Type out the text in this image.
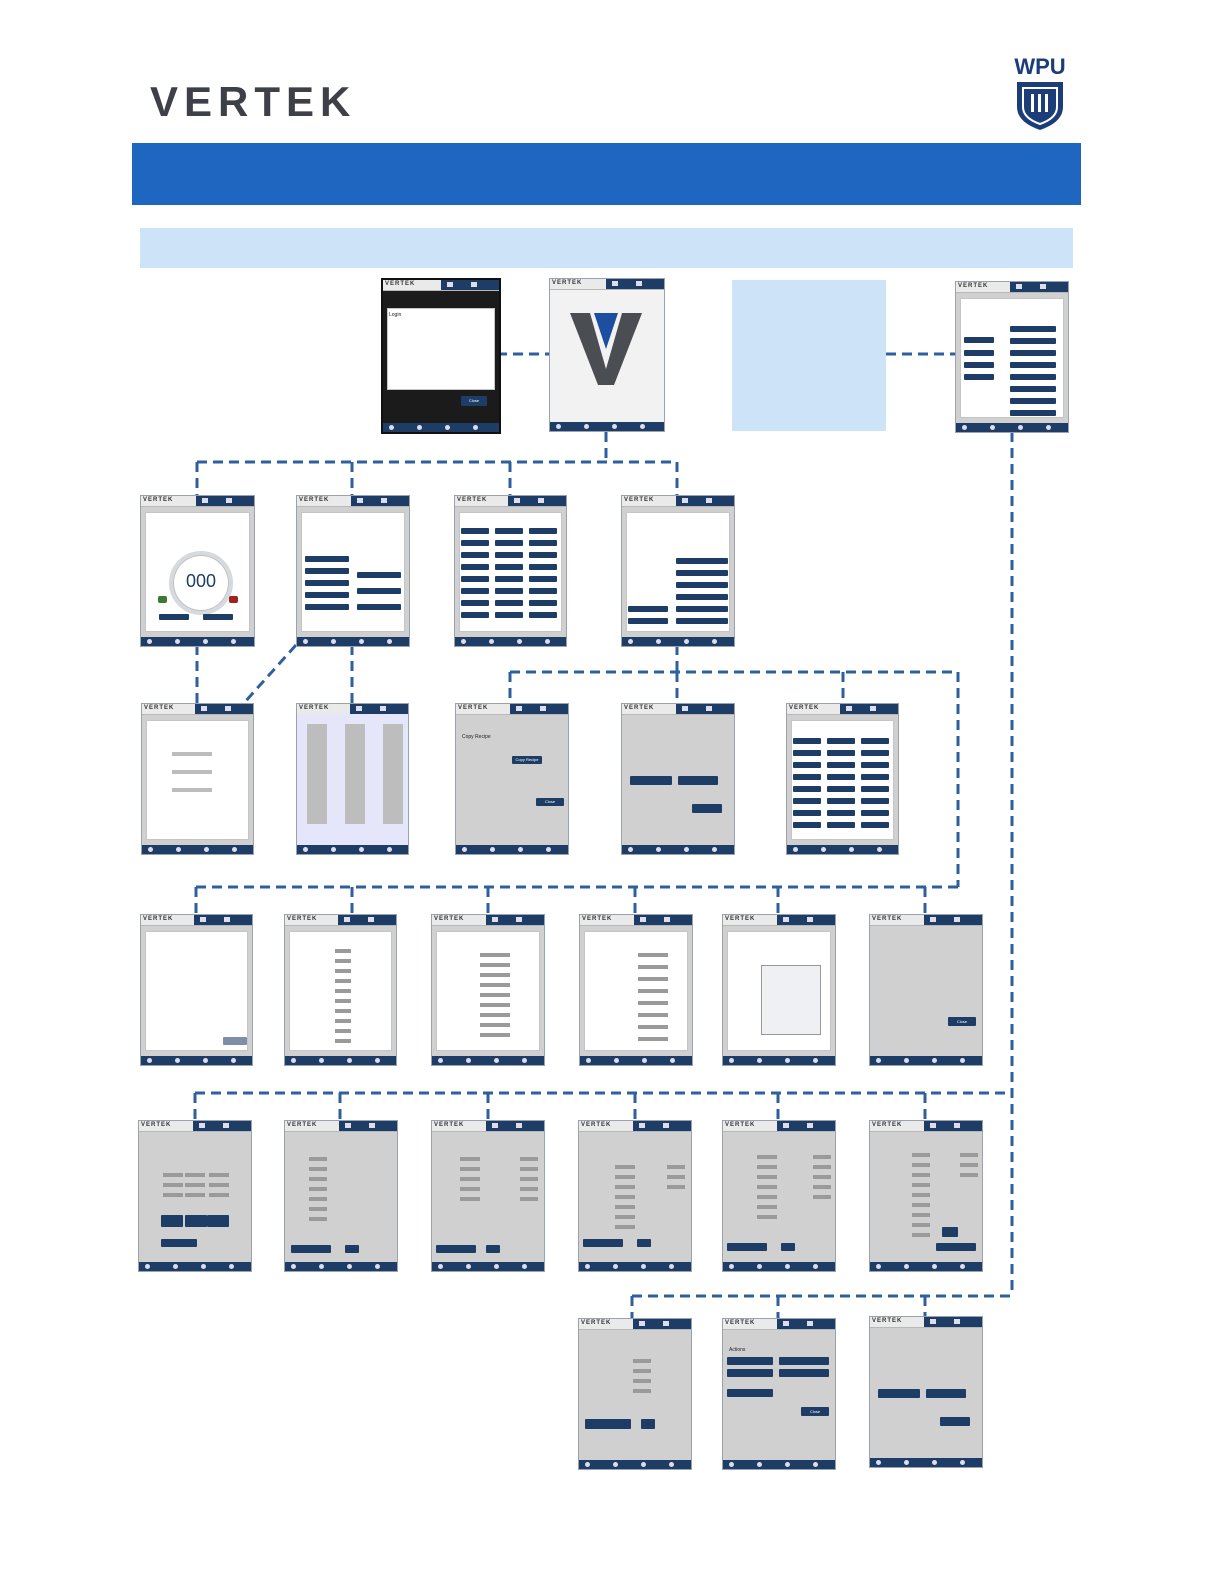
VERTEK
WPU
VERTEK
Login
Close
VERTEK	VERTEK
VERTEK
000
VERTEK	VERTEK	VERTEK
VERTEK	VERTEK	VERTEK
Copy Recipe
Copy Recipe
Close
VERTEK	VERTEK
VERTEK	VERTEK	VERTEK	VERTEK	VERTEK	VERTEK
Close
VERTEK	VERTEK	VERTEK	VERTEK	VERTEK	VERTEK
VERTEK	VERTEK
Actions
Close
VERTEK
